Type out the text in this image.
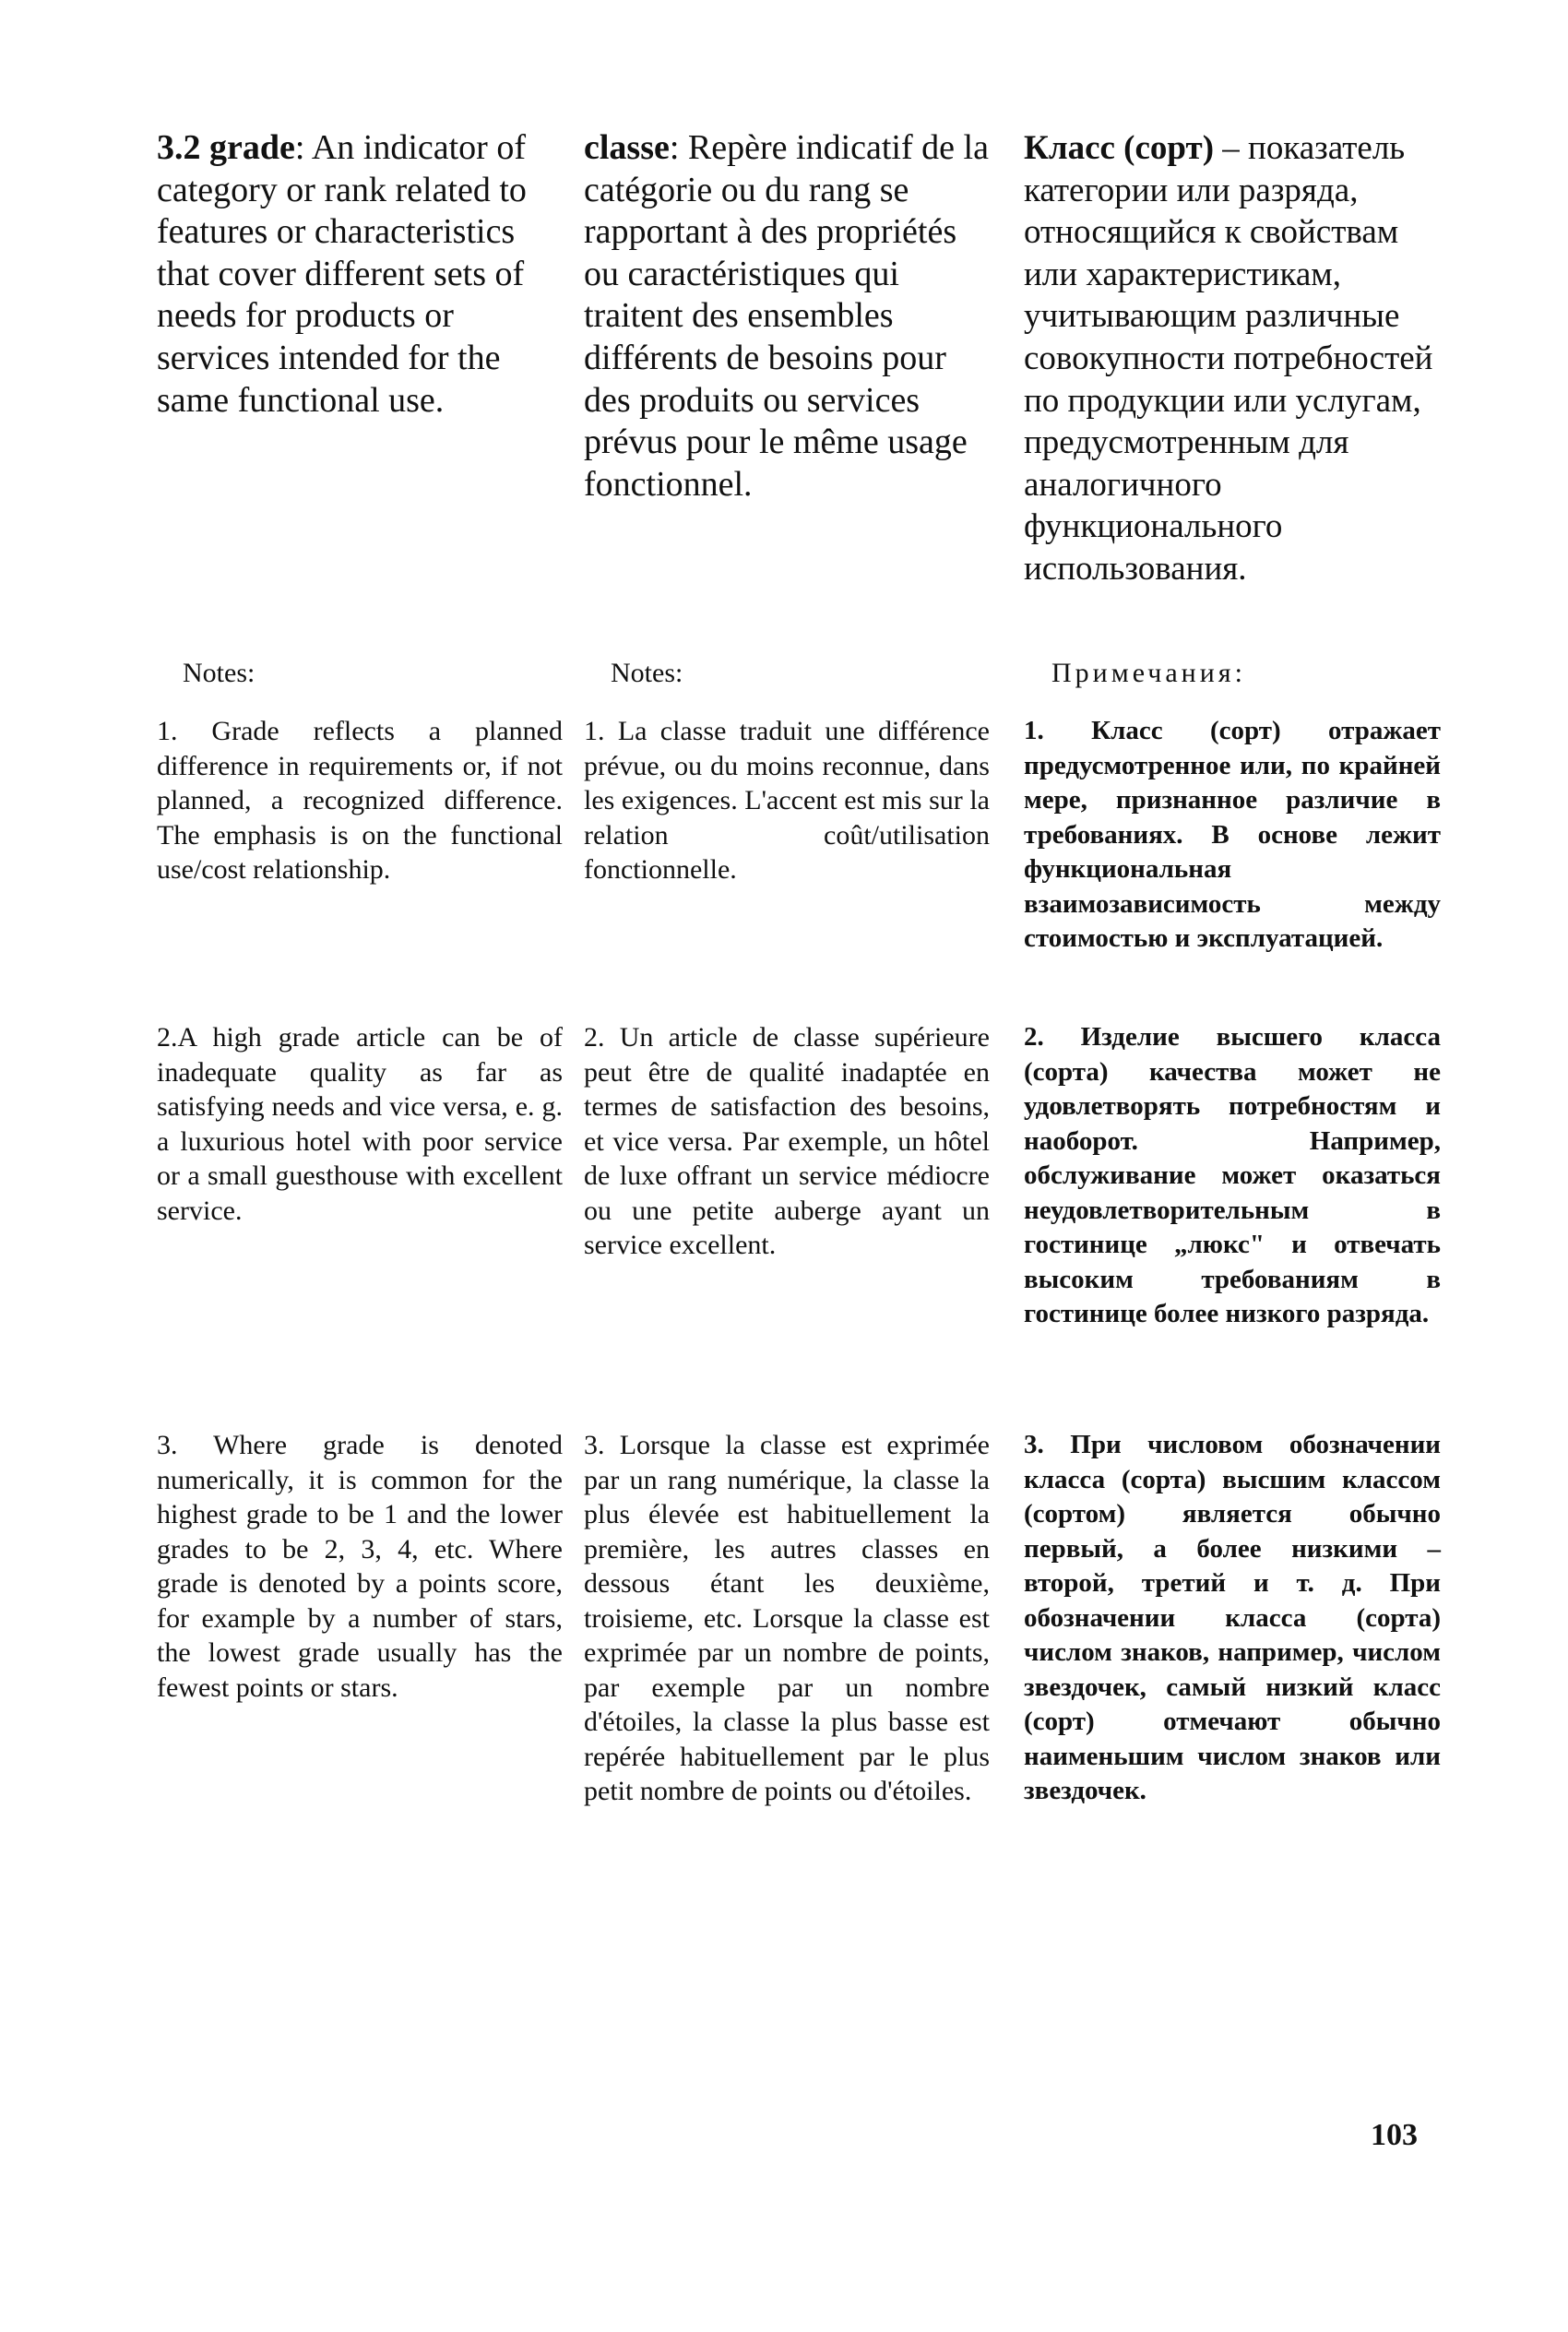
3.2 grade: An indicator of category or rank related to features or characteristics that cover different sets of needs for products or services intended for the same functional use.
classe: Repère indicatif de la catégorie ou du rang se rapportant à des propriétés ou caractéristiques qui traitent des ensembles différents de besoins pour des produits ou services prévus pour le même usage fonctionnel.
Класс (сорт) – показатель категории или разряда, относящийся к свойствам или характеристикам, учитывающим различные совокупности потребностей по продукции или услугам, предусмотренным для аналогичного функционального использования.
Notes:	Notes:	Примечания:
1. Grade reflects a planned difference in requirements or, if not planned, a recognized difference. The emphasis is on the functional use/cost relationship.
1. La classe traduit une différence prévue, ou du moins reconnue, dans les exigences. L'accent est mis sur la relation coût/utilisation fonctionnelle.
1. Класс (сорт) отражает предусмотренное или, по крайней мере, признанное различие в требованиях. В основе лежит функциональная взаимозависимость между стоимостью и эксплуатацией.
2.A high grade article can be of inadequate quality as far as satisfying needs and vice versa, e. g. a luxurious hotel with poor service or a small guesthouse with excellent service.
2. Un article de classe supérieure peut être de qualité inadaptée en termes de satisfaction des besoins, et vice versa. Par exemple, un hôtel de luxe offrant un service médiocre ou une petite auberge ayant un service excellent.
2. Изделие высшего класса (сорта) качества может не удовлетворять потребностям и наоборот. Например, обслуживание может оказаться неудовлетворительным в гостинице „люкс" и отвечать высоким требованиям в гостинице более низкого разряда.
3. Where grade is denoted numerically, it is common for the highest grade to be 1 and the lower grades to be 2, 3, 4, etc. Where grade is denoted by a points score, for example by a number of stars, the lowest grade usually has the fewest points or stars.
3. Lorsque la classe est exprimée par un rang numérique, la classe la plus élevée est habituellement la première, les autres classes en dessous étant les deuxième, troisieme, etc. Lorsque la classe est exprimée par un nombre de points, par exemple par un nombre d'étoiles, la classe la plus basse est repérée habituellement par le plus petit nombre de points ou d'étoiles.
3. При числовом обозначении класса (сорта) высшим классом (сортом) является обычно первый, а более низкими – второй, третий и т. д. При обозначении класса (сорта) числом знаков, например, числом звездочек, самый низкий класс (сорт) отмечают обычно наименьшим числом знаков или звездочек.
103
